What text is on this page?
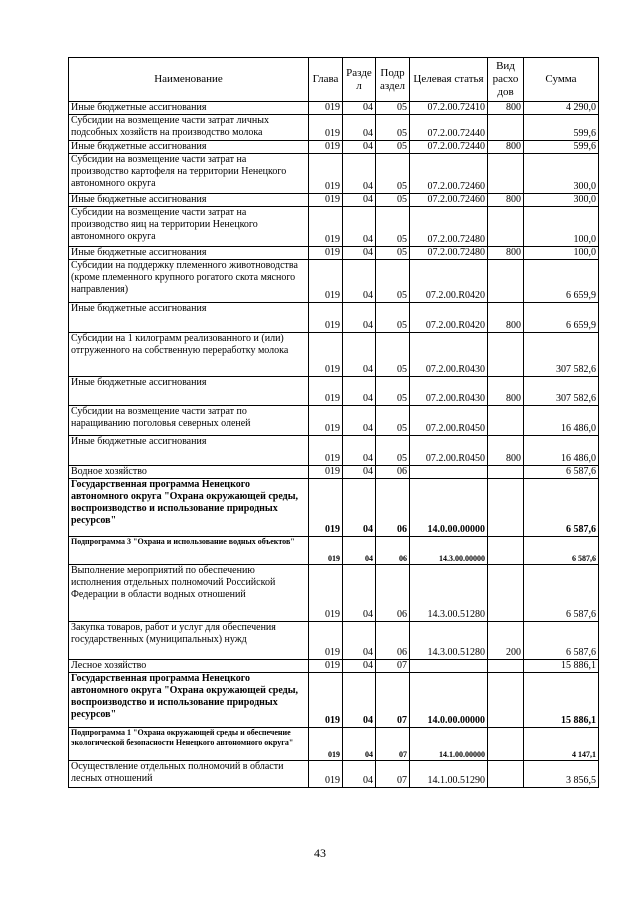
Наименование	Глава	Разде л	Подр аздел	Целевая статья	Вид расхо дов	Сумма
Иные бюджетные ассигнования	019	04	05	07.2.00.72410	800	4 290,0
Субсидии на возмещение части затрат личных подсобных хозяйств на производство молока	019	04	05	07.2.00.72440		599,6
Иные бюджетные ассигнования	019	04	05	07.2.00.72440	800	599,6
Субсидии на возмещение части затрат на производство картофеля на территории Ненецкого автономного округа	019	04	05	07.2.00.72460		300,0
Иные бюджетные ассигнования	019	04	05	07.2.00.72460	800	300,0
Субсидии на возмещение части затрат на производство яиц на территории Ненецкого автономного округа	019	04	05	07.2.00.72480		100,0
Иные бюджетные ассигнования	019	04	05	07.2.00.72480	800	100,0
Субсидии на поддержку племенного животноводства (кроме племенного крупного рогатого скота мясного направления)	019	04	05	07.2.00.R0420		6 659,9
Иные бюджетные ассигнования	019	04	05	07.2.00.R0420	800	6 659,9
Субсидии на 1 килограмм реализованного и (или) отгруженного на собственную переработку молока	019	04	05	07.2.00.R0430		307 582,6
Иные бюджетные ассигнования	019	04	05	07.2.00.R0430	800	307 582,6
Субсидии на возмещение части затрат по наращиванию поголовья северных оленей	019	04	05	07.2.00.R0450		16 486,0
Иные бюджетные ассигнования	019	04	05	07.2.00.R0450	800	16 486,0
Водное хозяйство	019	04	06			6 587,6
Государственная программа Ненецкого автономного округа "Охрана окружающей среды, воспроизводство и использование природных ресурсов"	019	04	06	14.0.00.00000		6 587,6
Подпрограмма 3 "Охрана и использование водных объектов"	019	04	06	14.3.00.00000		6 587,6
Выполнение мероприятий по обеспечению исполнения отдельных полномочий Российской Федерации в области водных отношений	019	04	06	14.3.00.51280		6 587,6
Закупка товаров, работ и услуг для обеспечения государственных (муниципальных) нужд	019	04	06	14.3.00.51280	200	6 587,6
Лесное хозяйство	019	04	07			15 886,1
Государственная программа Ненецкого автономного округа "Охрана окружающей среды, воспроизводство и использование природных ресурсов"	019	04	07	14.0.00.00000		15 886,1
Подпрограмма 1 "Охрана окружающей среды и обеспечение экологической безопасности Ненецкого автономного округа"	019	04	07	14.1.00.00000		4 147,1
Осуществление отдельных полномочий в области лесных отношений	019	04	07	14.1.00.51290		3 856,5
43
